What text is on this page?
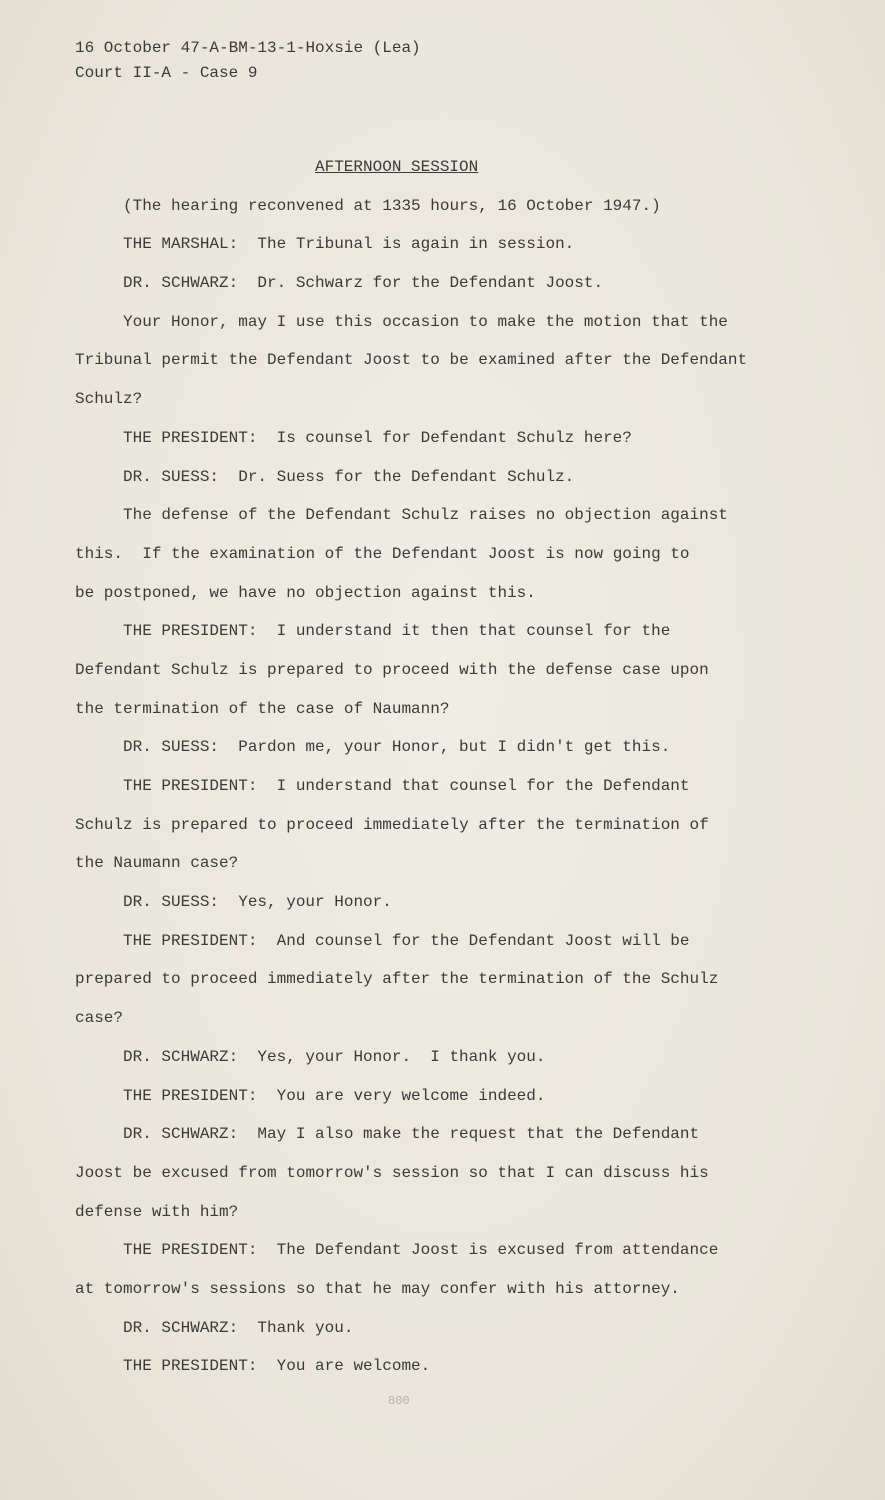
16 October 47-A-BM-13-1-Hoxsie (Lea)
Court II-A - Case 9
AFTERNOON SESSION
(The hearing reconvened at 1335 hours, 16 October 1947.)
THE MARSHAL:  The Tribunal is again in session.
DR. SCHWARZ:  Dr. Schwarz for the Defendant Joost.
Your Honor, may I use this occasion to make the motion that the
Tribunal permit the Defendant Joost to be examined after the Defendant
Schulz?
THE PRESIDENT:  Is counsel for Defendant Schulz here?
DR. SUESS:  Dr. Suess for the Defendant Schulz.
The defense of the Defendant Schulz raises no objection against
this.  If the examination of the Defendant Joost is now going to
be postponed, we have no objection against this.
THE PRESIDENT:  I understand it then that counsel for the
Defendant Schulz is prepared to proceed with the defense case upon
the termination of the case of Naumann?
DR. SUESS:  Pardon me, your Honor, but I didn't get this.
THE PRESIDENT:  I understand that counsel for the Defendant
Schulz is prepared to proceed immediately after the termination of
the Naumann case?
DR. SUESS:  Yes, your Honor.
THE PRESIDENT:  And counsel for the Defendant Joost will be
prepared to proceed immediately after the termination of the Schulz
case?
DR. SCHWARZ:  Yes, your Honor.  I thank you.
THE PRESIDENT:  You are very welcome indeed.
DR. SCHWARZ:  May I also make the request that the Defendant
Joost be excused from tomorrow's session so that I can discuss his
defense with him?
THE PRESIDENT:  The Defendant Joost is excused from attendance
at tomorrow's sessions so that he may confer with his attorney.
DR. SCHWARZ:  Thank you.
THE PRESIDENT:  You are welcome.
800
